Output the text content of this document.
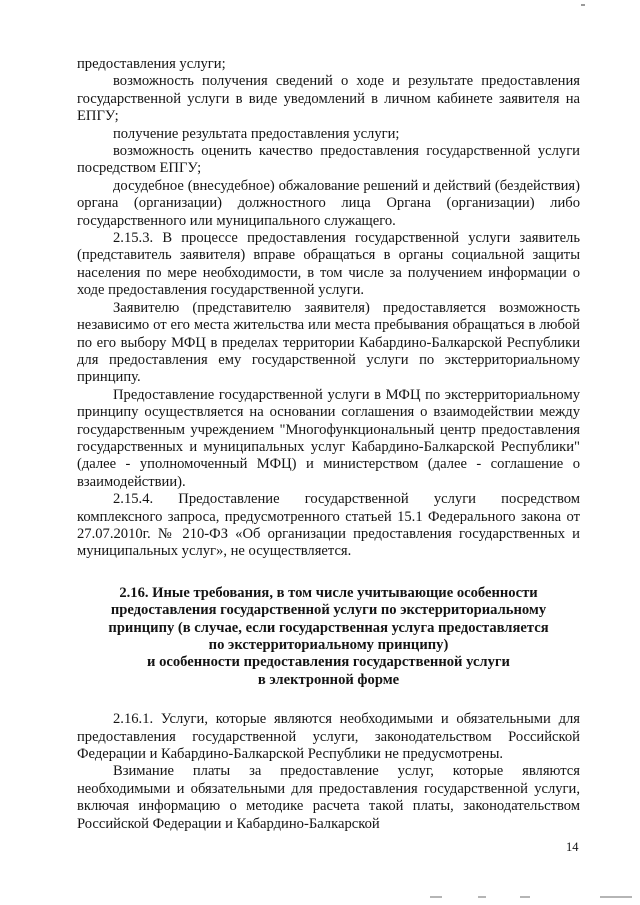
предоставления услуги;

возможность получения сведений о ходе и результате предоставления государственной услуги в виде уведомлений в личном кабинете заявителя на ЕПГУ;

получение результата предоставления услуги;

возможность оценить качество предоставления государственной услуги посредством ЕПГУ;

досудебное (внесудебное) обжалование решений и действий (бездействия) органа (организации) должностного лица Органа (организации) либо государственного или муниципального служащего.

2.15.3. В процессе предоставления государственной услуги заявитель (представитель заявителя) вправе обращаться в органы социальной защиты населения по мере необходимости, в том числе за получением информации о ходе предоставления государственной услуги.

Заявителю (представителю заявителя) предоставляется возможность независимо от его места жительства или места пребывания обращаться в любой по его выбору МФЦ в пределах территории Кабардино-Балкарской Республики для предоставления ему государственной услуги по экстерриториальному принципу.

Предоставление государственной услуги в МФЦ по экстерриториальному принципу осуществляется на основании соглашения о взаимодействии между государственным учреждением "Многофункциональный центр предоставления государственных и муниципальных услуг Кабардино-Балкарской Республики" (далее - уполномоченный МФЦ) и министерством (далее - соглашение о взаимодействии).

2.15.4. Предоставление государственной услуги посредством комплексного запроса, предусмотренного статьей 15.1 Федерального закона от 27.07.2010г. № 210-ФЗ «Об организации предоставления государственных и муниципальных услуг», не осуществляется.

2.16. Иные требования, в том числе учитывающие особенности
предоставления государственной услуги по экстерриториальному
принципу (в случае, если государственная услуга предоставляется
по экстерриториальному принципу)
и особенности предоставления государственной услуги
в электронной форме

2.16.1. Услуги, которые являются необходимыми и обязательными для предоставления государственной услуги, законодательством Российской Федерации и Кабардино-Балкарской Республики не предусмотрены.

Взимание платы за предоставление услуг, которые являются необходимыми и обязательными для предоставления государственной услуги, включая информацию о методике расчета такой платы, законодательством Российской Федерации и Кабардино-Балкарской

14
